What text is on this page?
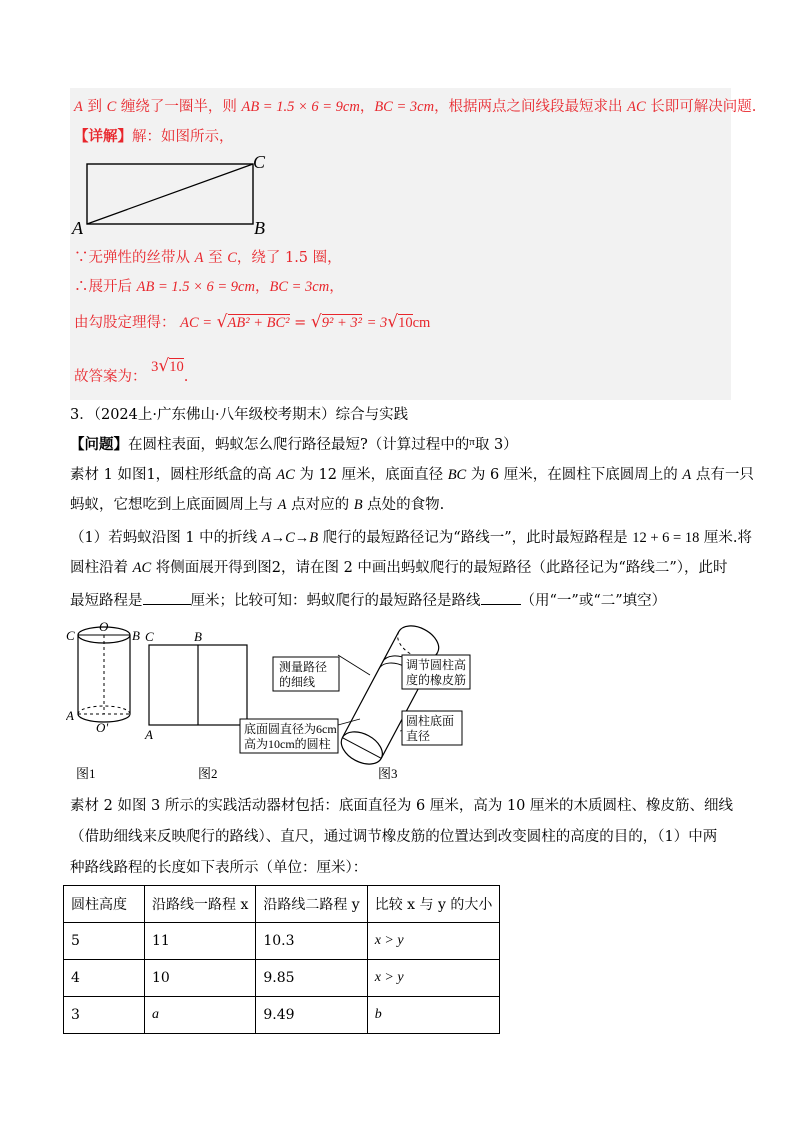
A 到 C 缠绕了一圈半，则 AB = 1.5 × 6 = 9cm，BC = 3cm，根据两点之间线段最短求出 AC 长即可解决问题.
【详解】解：如图所示，
C
A	B
∵无弹性的丝带从 A 至 C，绕了 1.5 圈，
∴展开后 AB = 1.5 × 6 = 9cm，BC = 3cm，
由勾股定理得： AC = √AB² + BC² = √9² + 3² = 3√10cm
故答案为： 3√10.
3．（2024上·广东佛山·八年级校考期末）综合与实践
【问题】在圆柱表面，蚂蚁怎么爬行路径最短?（计算过程中的$^\pi$取 3）
素材 1 如图1，圆柱形纸盒的高 AC 为 12 厘米，底面直径 BC 为 6 厘米，在圆柱下底圆周上的 A 点有一只
蚂蚁，它想吃到上底面圆周上与 A 点对应的 B 点处的食物.
（1）若蚂蚁沿图 1 中的折线 A→C→B 爬行的最短路径记为“路线一”，此时最短路程是 12 + 6 = 18 厘米.将
圆柱沿着 AC 将侧面展开得到图2，请在图 2 中画出蚂蚁爬行的最短路径（此路径记为“路线二”），此时
最短路程是	厘米；比较可知：蚂蚁爬行的最短路径是路线	（用“一”或“二”填空）
C
O
B
A
O'
图1
C	B
A
图2
测量路径
的细线
调节圆柱高
度的橡皮筋
底面圆直径为6cm
高为10cm的圆柱
圆柱底面
直径
图3
素材 2 如图 3 所示的实践活动器材包括：底面直径为 6 厘米，高为 10 厘米的木质圆柱、橡皮筋、细线
（借助细线来反映爬行的路线）、直尺，通过调节橡皮筋的位置达到改变圆柱的高度的目的，（1）中两
种路线路程的长度如下表所示（单位：厘米）：
圆柱高度	沿路线一路程 x	沿路线二路程 y	比较 x 与 y 的大小
5	11	10.3	x > y
4	10	9.85	x > y
3	a	9.49	b
